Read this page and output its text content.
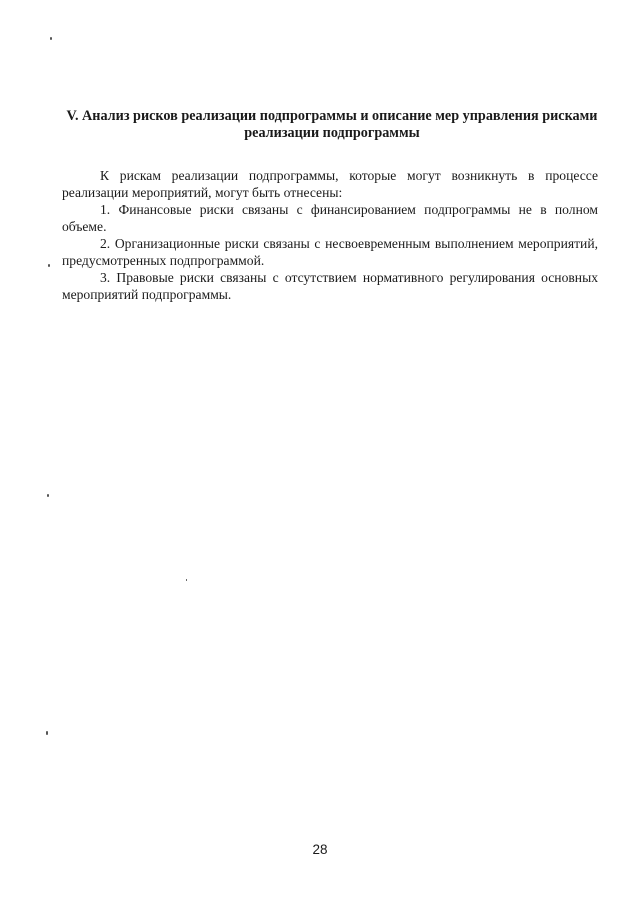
V. Анализ рисков реализации подпрограммы и описание мер управления рисками реализации подпрограммы

К рискам реализации подпрограммы, которые могут возникнуть в процессе реализации мероприятий, могут быть отнесены:

1. Финансовые риски связаны с финансированием подпрограммы не в полном объеме.

2. Организационные риски связаны с несвоевременным выполнением мероприятий, предусмотренных подпрограммой.

3. Правовые риски связаны с отсутствием нормативного регулирования основных мероприятий подпрограммы.

28
